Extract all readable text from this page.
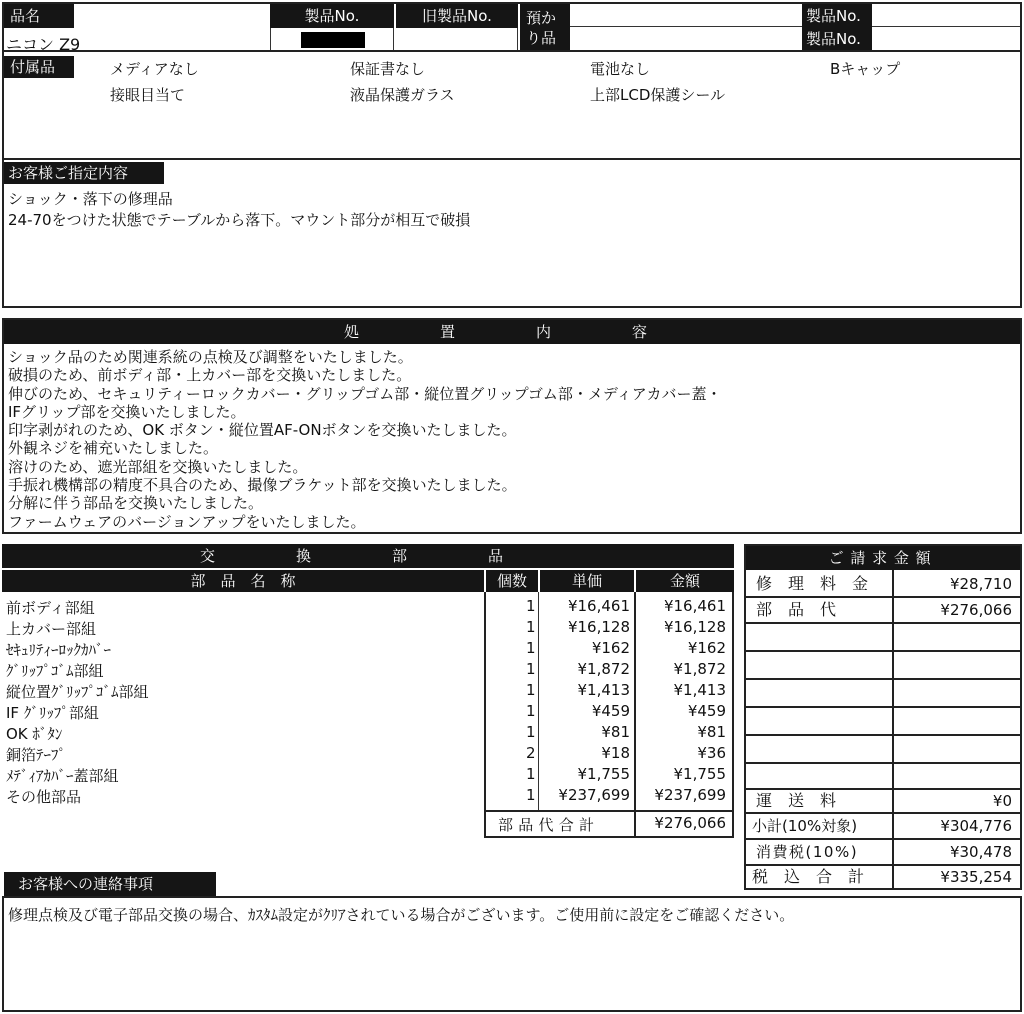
品名
ニコン Z9
製品No.	旧製品No.	預か
り品
製品No.
製品No.
付属品	メディアなし	保証書なし	電池なし	Bキャップ
接眼目当て	液晶保護ガラス	上部LCD保護シール
お客様ご指定内容
ショック・落下の修理品
24-70をつけた状態でテーブルから落下。マウント部分が相互で破損
処　置　内　容
ショック品のため関連系統の点検及び調整をいたしました。
破損のため、前ボディ部・上カバー部を交換いたしました。
伸びのため、セキュリティーロックカバー・グリップゴム部・縦位置グリップゴム部・メディアカバー蓋・
IFグリップ部を交換いたしました。
印字剥がれのため、OK ボタン・縦位置AF-ONボタンを交換いたしました。
外観ネジを補充いたしました。
溶けのため、遮光部組を交換いたしました。
手振れ機構部の精度不具合のため、撮像ブラケット部を交換いたしました。
分解に伴う部品を交換いたしました。
ファームウェアのバージョンアップをいたしました。
交　換　部　品
部　品　名　称	個数	単価	金額
前ボディ部組	1 ¥16,461 ¥16,461
上カバー部組	1 ¥16,128 ¥16,128
ｾｷｭﾘﾃｨｰﾛｯｸｶﾊﾞｰ	1	¥162	¥162
ｸﾞﾘｯﾌﾟｺﾞﾑ部組	1	¥1,872	¥1,872
縦位置ｸﾞﾘｯﾌﾟｺﾞﾑ部組	1	¥1,413	¥1,413
IF ｸﾞﾘｯﾌﾟ部組	1	¥459	¥459
OK ﾎﾞﾀﾝ	1	¥81	¥81
銅箔ﾃｰﾌﾟ	2	¥18	¥36
ﾒﾃﾞｨｱｶﾊﾞｰ蓋部組	1	¥1,755	¥1,755
その他部品	1 ¥237,699 ¥237,699
部品代合計	¥276,066
ご請求金額
修　理　料　金	¥28,710
部　品　代	¥276,066
運　送　料	¥0
小計(10%対象)	¥304,776
消費税(10%)	¥30,478
税　込　合　計	¥335,254
お客様への連絡事項
修理点検及び電子部品交換の場合、ｶｽﾀﾑ設定がｸﾘｱされている場合がございます。ご使用前に設定をご確認ください。
